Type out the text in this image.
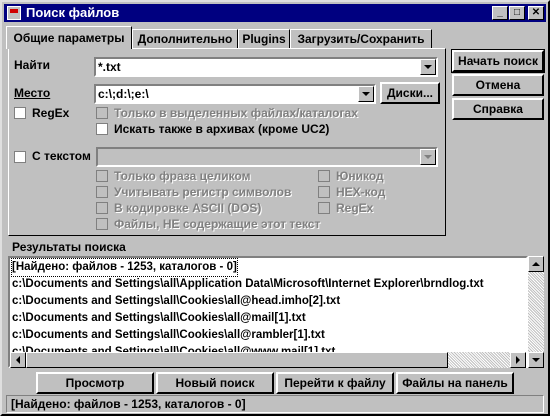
Поиск файлов	_	□	✕
Общие параметры	Дополнительно Plugins Загрузить/Сохранить
Найти	*.txt
Место	c:\;d:\;e:\	Диски...
RegEx	Только в выделенных файлах/каталогах
Искать также в архивах (кроме UC2)
С текстом
Только фраза целиком
Учитывать регистр символов
В кодировке ASCII (DOS)
Файлы, НЕ содержащие этот текст
Юникод
HEX-код
RegEx
Начать поиск
Отмена
Справка
Результаты поиска
[Найдено: файлов - 1253, каталогов - 0]
c:\Documents and Settings\all\Application Data\Microsoft\Internet Explorer\brndlog.txt
c:\Documents and Settings\all\Cookies\all@head.imho[2].txt
c:\Documents and Settings\all\Cookies\all@mail[1].txt
c:\Documents and Settings\all\Cookies\all@rambler[1].txt
Просмотр	Новый поиск	Перейти к файлу	Файлы на панель
[Найдено: файлов - 1253, каталогов - 0]
